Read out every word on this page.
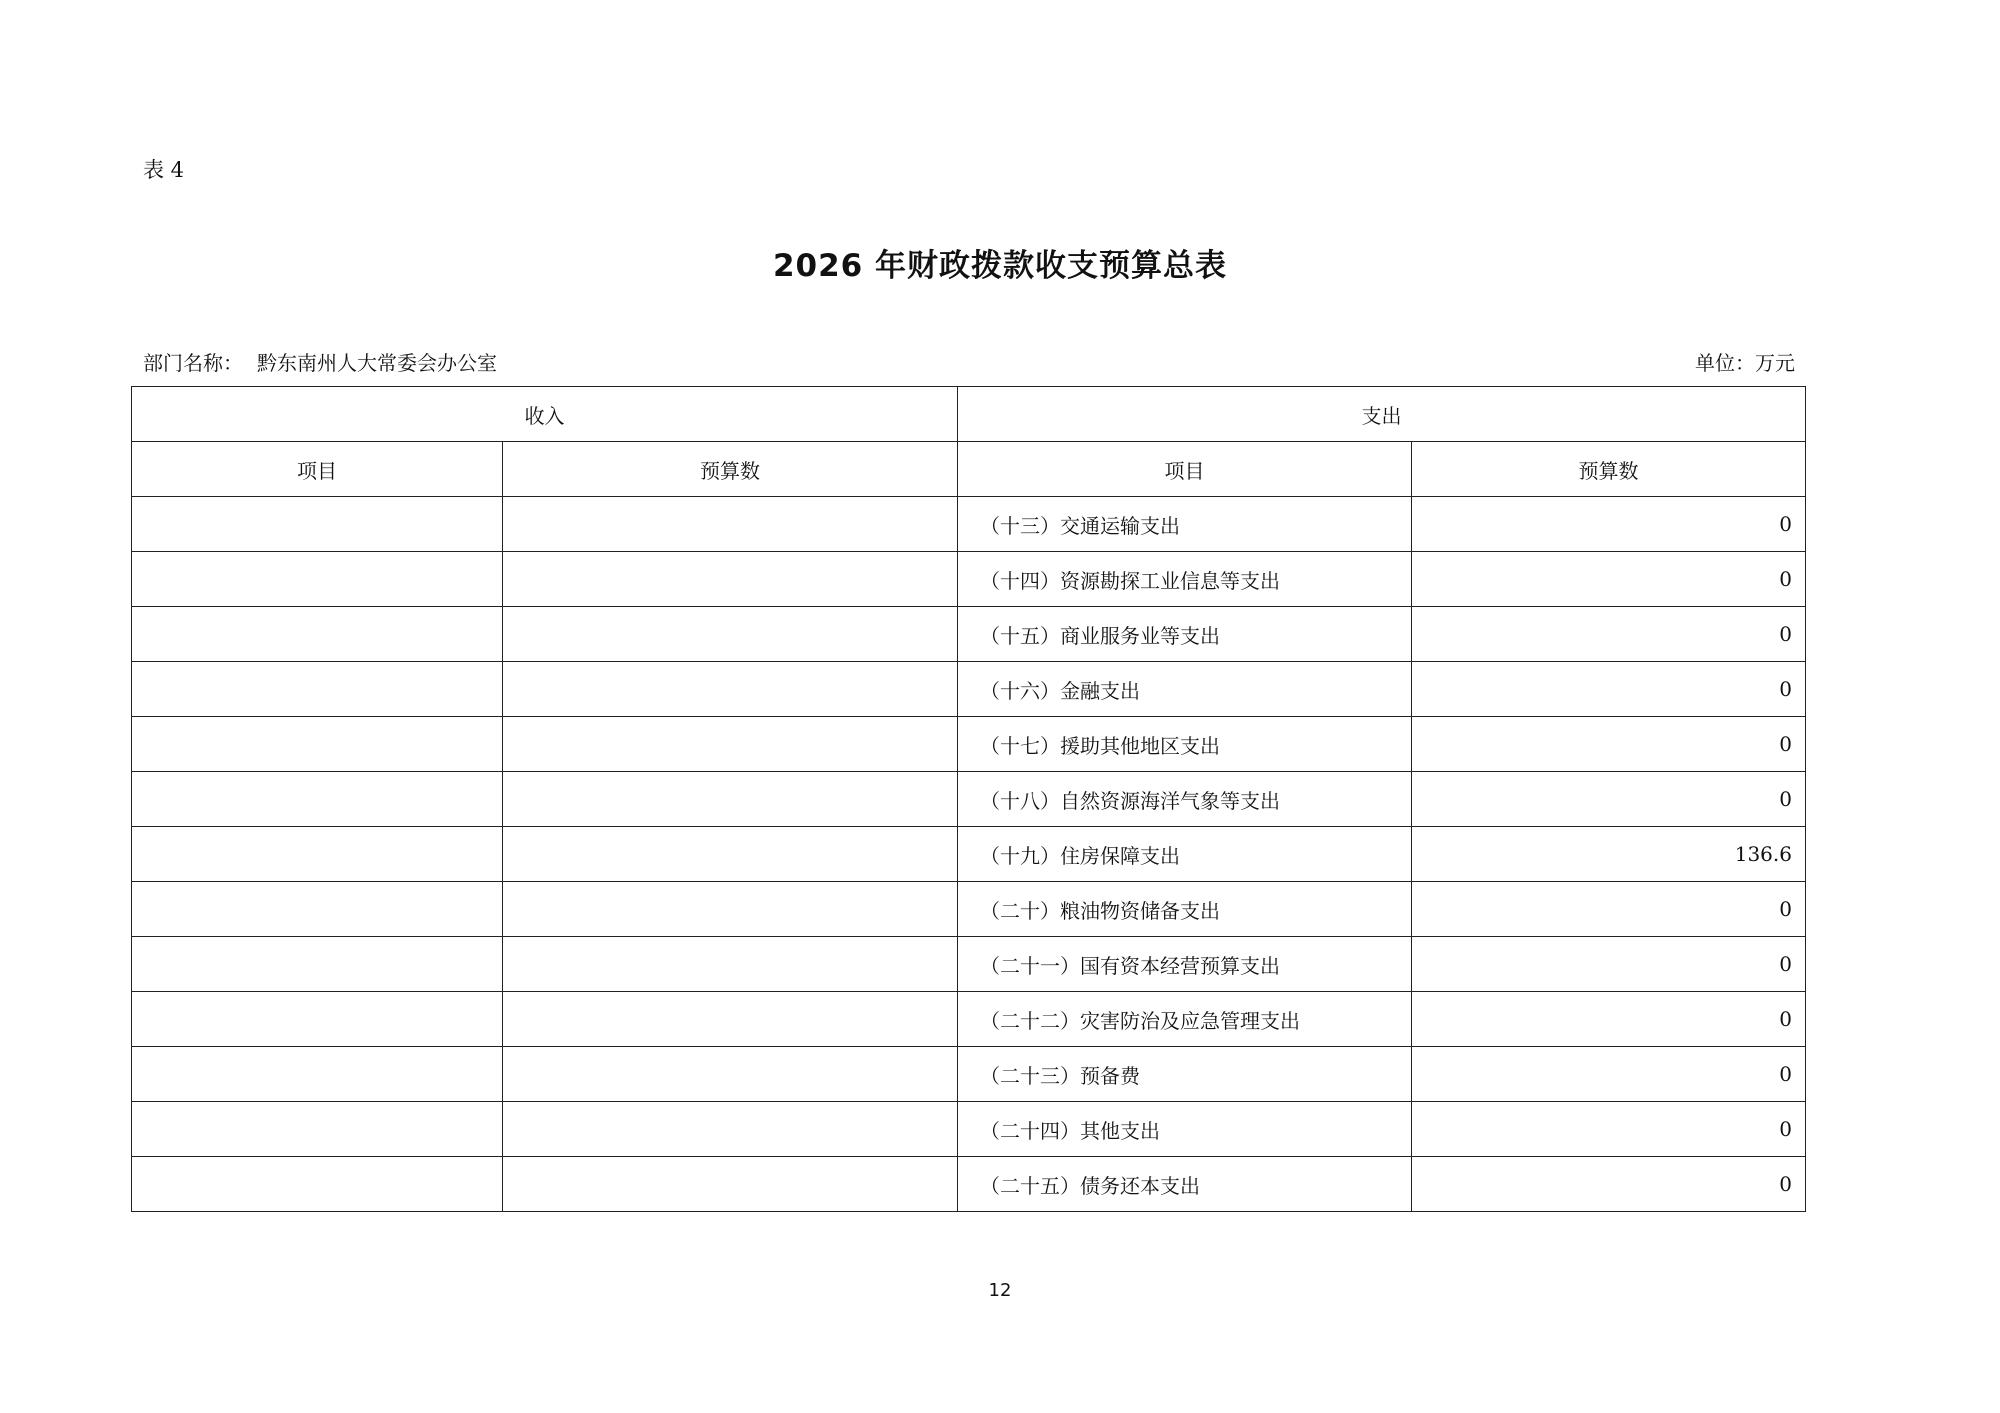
表 4
2026 年财政拨款收支预算总表
部门名称： 黔东南州人大常委会办公室	单位：万元
收入		支出	
项目	预算数	项目	预算数
		（十三）交通运输支出	0
		（十四）资源勘探工业信息等支出	0
		（十五）商业服务业等支出	0
		（十六）金融支出	0
		（十七）援助其他地区支出	0
		（十八）自然资源海洋气象等支出	0
		（十九）住房保障支出	136.6
		（二十）粮油物资储备支出	0
		（二十一）国有资本经营预算支出	0
		（二十二）灾害防治及应急管理支出	0
		（二十三）预备费	0
		（二十四）其他支出	0
		（二十五）债务还本支出	0
12
